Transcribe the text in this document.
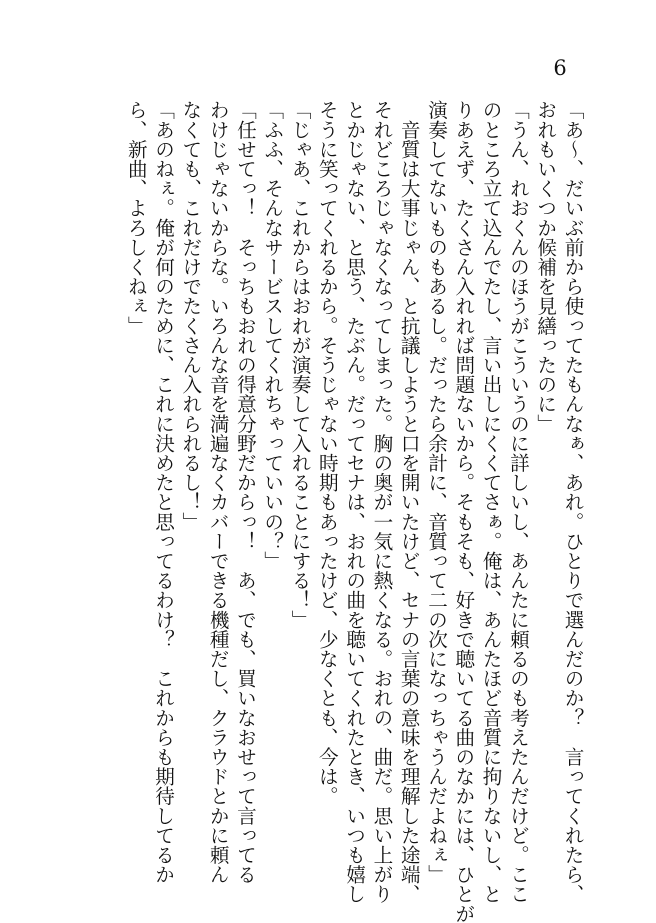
6
「あ～、だいぶ前から使ってたもんなぁ、あれ。ひとりで選んだのか？　言ってくれたら、
おれもいくつか候補を見繕ったのに」
「うん、れおくんのほうがこういうのに詳しいし、あんたに頼るのも考えたんだけど。ここ
のところ立て込んでたし、言い出しにくくてさぁ。俺は、あんたほど音質に拘りないし、と
りあえず、たくさん入れれば問題ないから。そもそも、好きで聴いてる曲のなかには、ひとが
演奏してないものもあるし。だったら余計に、音質って二の次になっちゃうんだよねぇ」
　音質は大事じゃん、と抗議しようと口を開いたけど、セナの言葉の意味を理解した途端、
それどころじゃなくなってしまった。胸の奥が一気に熱くなる。おれの、曲だ。思い上がり
とかじゃない、と思う、たぶん。だってセナは、おれの曲を聴いてくれたとき、いつも嬉し
そうに笑ってくれるから。そうじゃない時期もあったけど、少なくとも、今は。
「じゃあ、これからはおれが演奏して入れることにする！」
「ふふ、そんなサービスしてくれちゃっていいの？」
「任せてっ！　そっちもおれの得意分野だからっ！　あ、でも、買いなおせって言ってる
わけじゃないからな。いろんな音を満遍なくカバーできる機種だし、クラウドとかに頼ん
なくても、これだけでたくさん入れられるし！」
「あのねぇ。俺が何のために、これに決めたと思ってるわけ？　これからも期待してるか
ら、新曲、よろしくねぇ」
